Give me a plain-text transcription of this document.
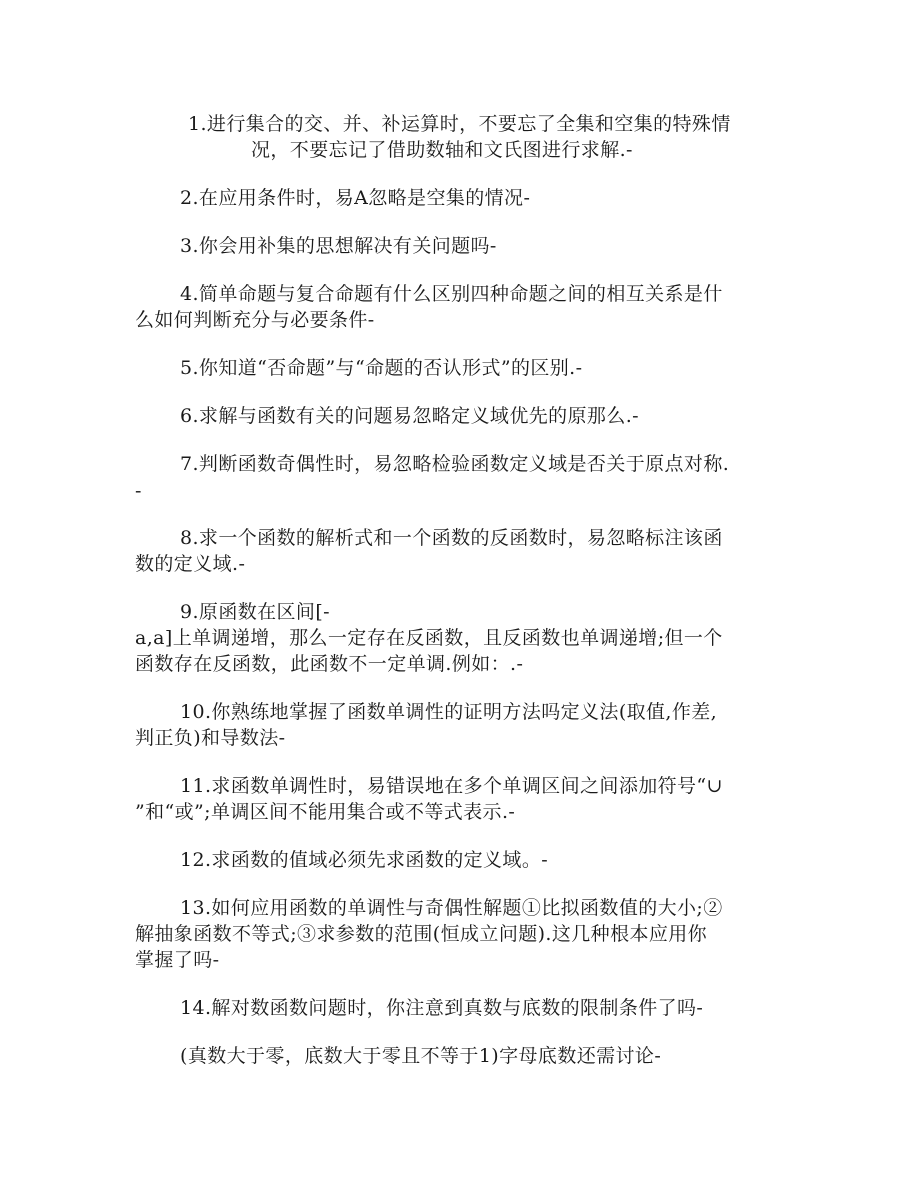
1.进行集合的交、并、补运算时，不要忘了全集和空集的特殊情
况，不要忘记了借助数轴和文氏图进行求解.-
2.在应用条件时，易A忽略是空集的情况-
3.你会用补集的思想解决有关问题吗-
4.简单命题与复合命题有什么区别四种命题之间的相互关系是什
么如何判断充分与必要条件-
5.你知道“否命题”与“命题的否认形式”的区别.-
6.求解与函数有关的问题易忽略定义域优先的原那么.-
7.判断函数奇偶性时，易忽略检验函数定义域是否关于原点对称.
-
8.求一个函数的解析式和一个函数的反函数时，易忽略标注该函
数的定义域.-
9.原函数在区间[-
a,a]上单调递增，那么一定存在反函数，且反函数也单调递增;但一个
函数存在反函数，此函数不一定单调.例如：.-
10.你熟练地掌握了函数单调性的证明方法吗定义法(取值,作差,
判正负)和导数法-
11.求函数单调性时，易错误地在多个单调区间之间添加符号“∪
”和“或”;单调区间不能用集合或不等式表示.-
12.求函数的值域必须先求函数的定义域。-
13.如何应用函数的单调性与奇偶性解题①比拟函数值的大小;②
解抽象函数不等式;③求参数的范围(恒成立问题).这几种根本应用你
掌握了吗-
14.解对数函数问题时，你注意到真数与底数的限制条件了吗-
(真数大于零，底数大于零且不等于1)字母底数还需讨论-
